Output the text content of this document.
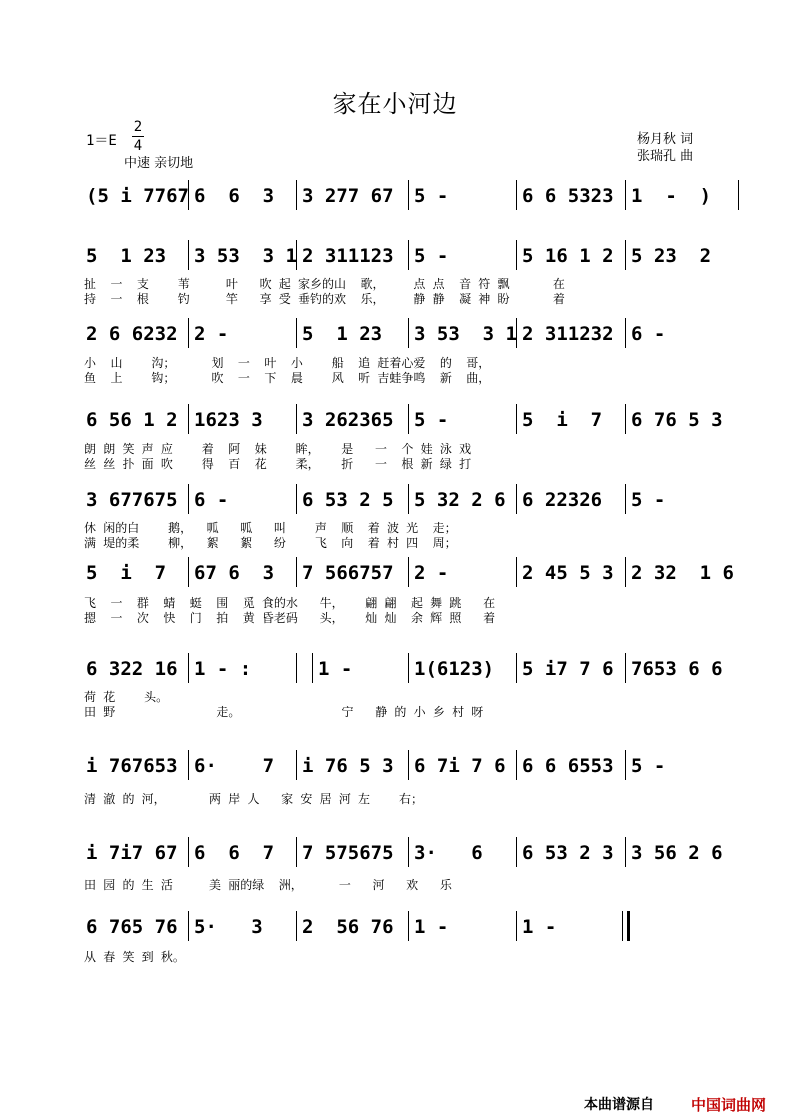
家在小河边
1＝E
2
4
中速 亲切地
杨月秋 词
张瑞孔 曲
(5 i 7767 6  6  3 3 277 67 5 -	6 6 5323 1  -  )
5  1 23 3 53  3 1 2 311123 5 -	5 16 1 2 5 23  2
扯  一  支    苇     叶   吹 起 家乡的山  歌，    点 点  音 符 飘      在
持  一  根    钓     竿   享 受 垂钓的欢  乐，    静 静  凝 神 盼      着
2 6 6232 2 -	5  1 23 3 53  3 1 2 311232 6 -
小  山    沟；     划  一  叶  小    船  追 赶着心爱  的  哥，
鱼  上    钩；     吹  一  下  晨    风  听 吉蛙争鸣  新  曲，
6 56 1 2 1623 3 3 262365 5 -	5  i  7 6 76 5 3
朗 朗 笑 声 应    着  阿  妹    眸，   是   一  个 娃 泳 戏
丝 丝 扑 面 吹    得  百  花    柔，   折   一  根 新 绿 打
3 677675 6 -	6 53 2 5 5 32 2 6 6 22326 5 -
休 闲的白    鹅，  呱   呱   叫    声  顺  着 波 光  走；
满 堤的柔    柳，  絮   絮   纷    飞  向  着 村 四  周；
5  i  7 67 6  3 7 566757 2 -	2 45 5 3 2 32  1 6
飞  一  群  蜻  蜓  围  觅 食的水   牛，   翩 翩  起 舞 跳   在
摁  一  次  快  门  拍  黄 昏老码   头，   灿 灿  余 辉 照   着
6 322 16 1 - :	1 -	1(6123) 5 i7 7 6 7653 6 6
荷 花    头。
田 野              走。              宁   静 的 小 乡 村 呀
i 767653 6·    7 i 76 5 3 6 7i 7 6 6 6 6553 5 -
清 澈 的 河，      两 岸 人   家 安 居 河 左    右；
i 7i7 67 6  6  7 7 575675 3·   6 6 53 2 3 3 56 2 6
田 园 的 生 活     美 丽的绿  洲，     一   河   欢   乐
6 765 76 5·   3 2  56 76 1 -	1 -
从 春 笑 到 秋。
本曲谱源自 中国词曲网
